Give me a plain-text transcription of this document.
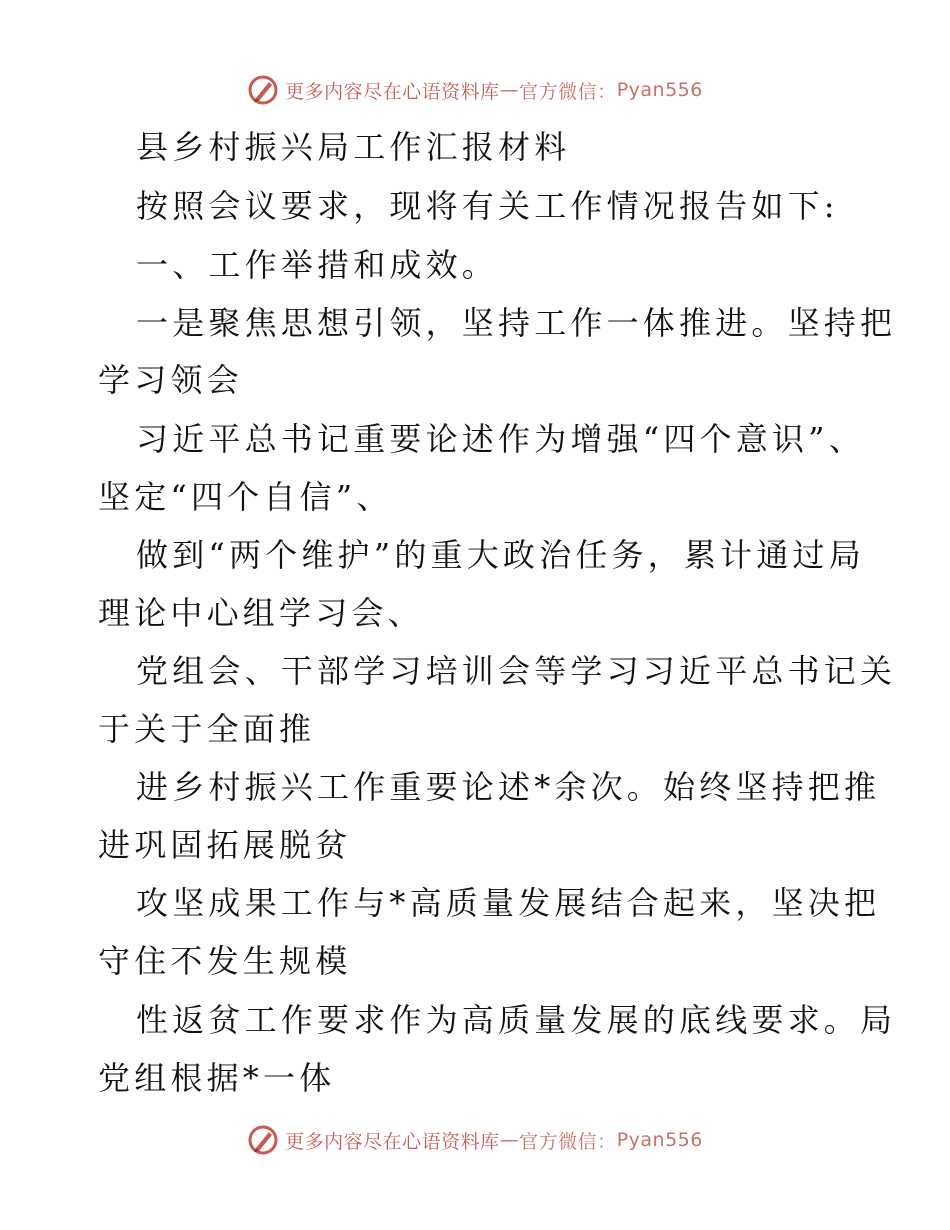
更多内容尽在心语资料库 — 官方微信： Pyan556
县乡村振兴局工作汇报材料
按照会议要求，现将有关工作情况报告如下:
一、工作举措和成效。
一是聚焦思想引领，坚持工作一体推进。坚持把
学习领会
习近平总书记重要论述作为增强“四个意识”、
坚定“四个自信”、
做到“两个维护”的重大政治任务，累计通过局
理论中心组学习会、
党组会、干部学习培训会等学习习近平总书记关
于关于全面推
进乡村振兴工作重要论述*余次。始终坚持把推
进巩固拓展脱贫
攻坚成果工作与*高质量发展结合起来，坚决把
守住不发生规模
性返贫工作要求作为高质量发展的底线要求。局
党组根据*一体
更多内容尽在心语资料库 — 官方微信： Pyan556
